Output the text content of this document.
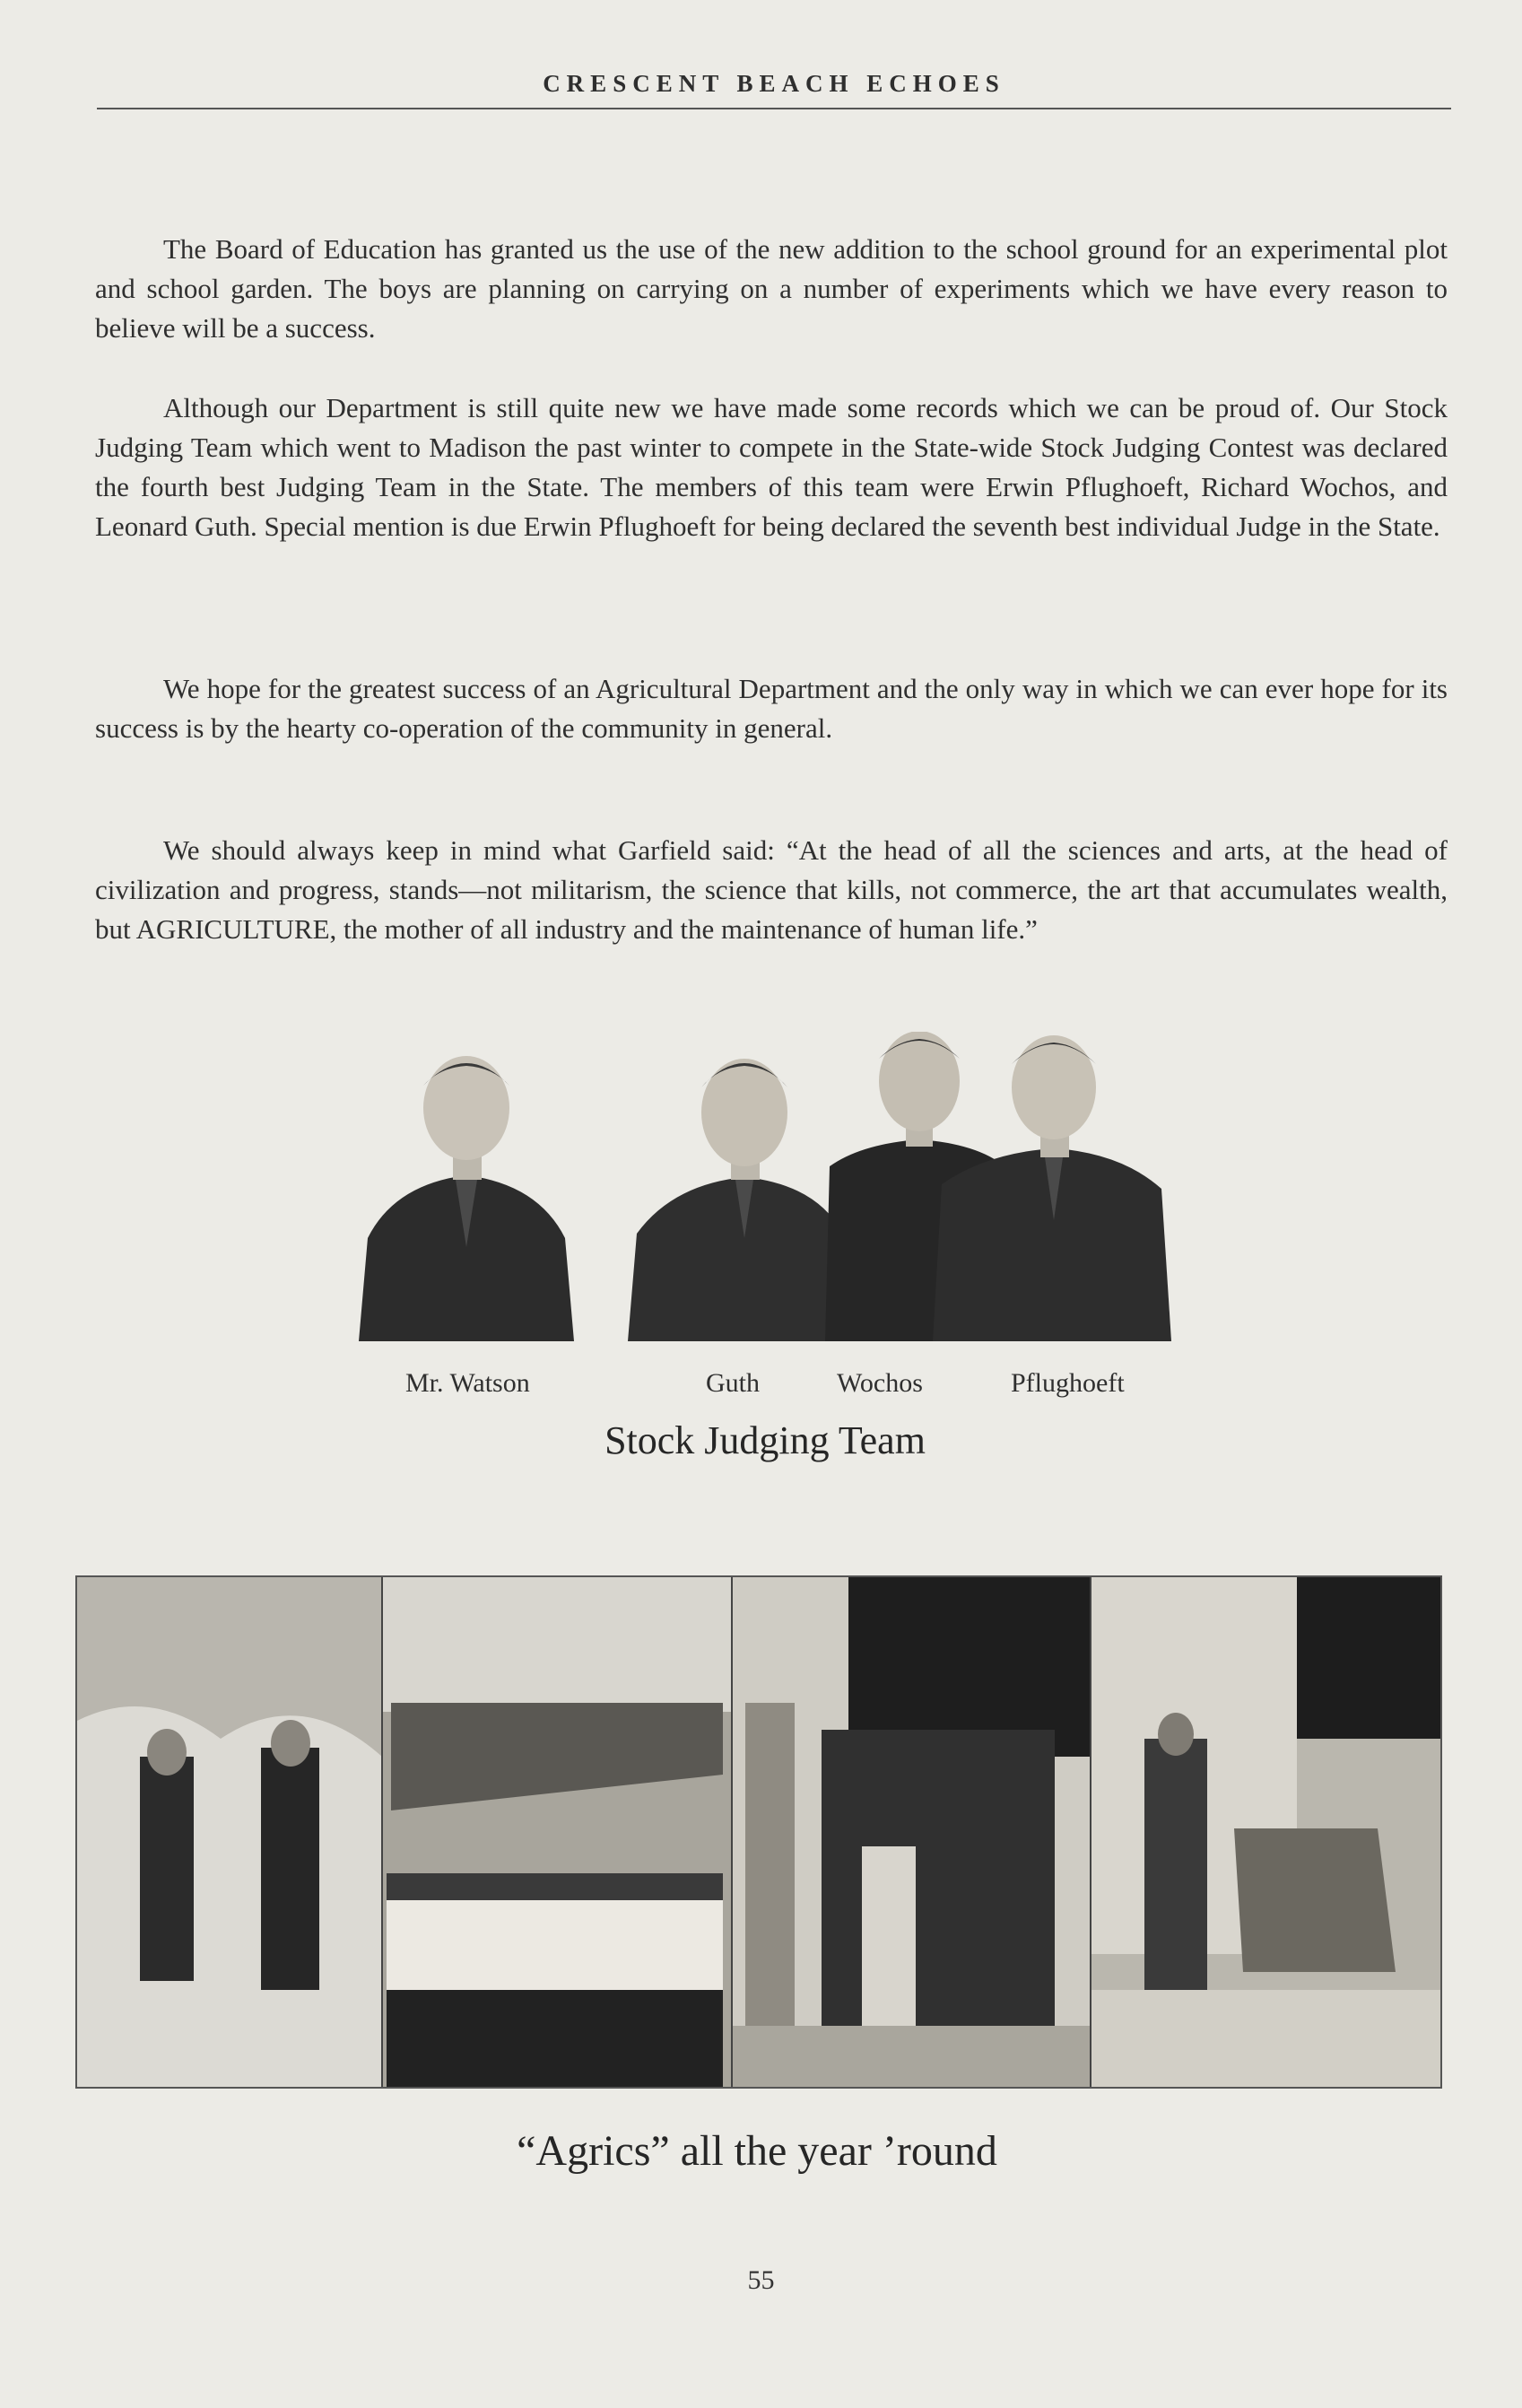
CRESCENT BEACH ECHOES

The Board of Education has granted us the use of the new addition to the school ground for an experimental plot and school garden. The boys are planning on carrying on a number of experiments which we have every reason to believe will be a success.

Although our Department is still quite new we have made some records which we can be proud of. Our Stock Judging Team which went to Madison the past winter to compete in the State-wide Stock Judging Contest was declared the fourth best Judging Team in the State. The members of this team were Erwin Pflughoeft, Richard Wochos, and Leonard Guth. Special mention is due Erwin Pflughoeft for being declared the seventh best individual Judge in the State.

We hope for the greatest success of an Agricultural Department and the only way in which we can ever hope for its success is by the hearty co-operation of the community in general.

We should always keep in mind what Garfield said: “At the head of all the sciences and arts, at the head of civilization and progress, stands—not militarism, the science that kills, not commerce, the art that accumulates wealth, but AGRICULTURE, the mother of all industry and the maintenance of human life.”

Mr. Watson	Guth	Wochos	Pflughoeft
Stock Judging Team
“Agrics” all the year ’round
55
